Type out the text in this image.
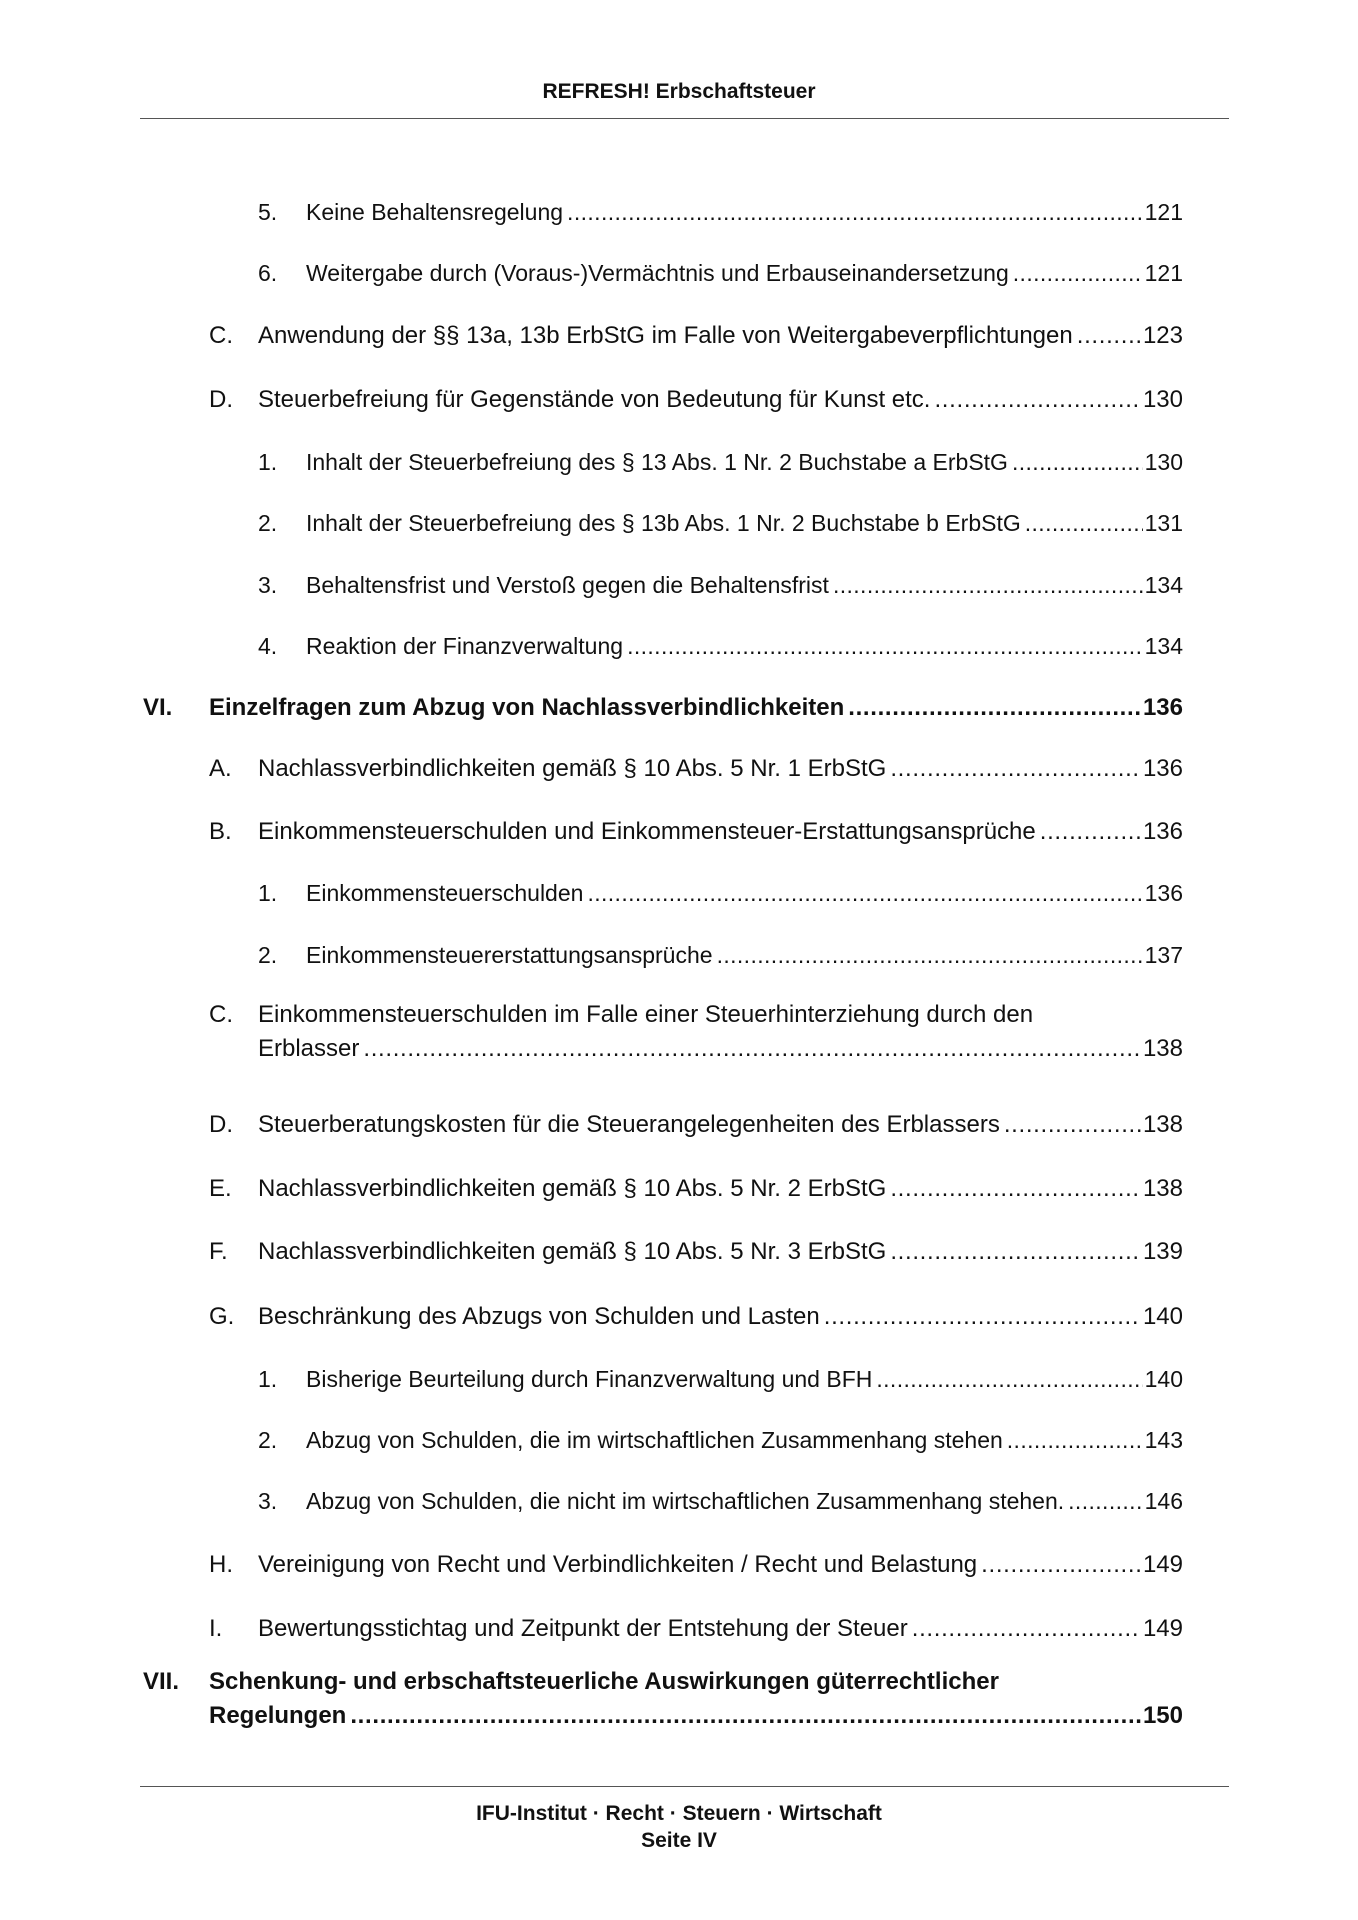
REFRESH! Erbschaftsteuer
5. Keine Behaltensregelung . . .	121
6. Weitergabe durch (Voraus-)Vermächtnis und Erbauseinandersetzung . . .	121
C. Anwendung der §§ 13a, 13b ErbStG im Falle von Weitergabeverpflichtungen . . .	123
D. Steuerbefreiung für Gegenstände von Bedeutung für Kunst etc. . . .	130
1. Inhalt der Steuerbefreiung des § 13 Abs. 1 Nr. 2 Buchstabe a ErbStG . . .	130
2. Inhalt der Steuerbefreiung des § 13b Abs. 1 Nr. 2 Buchstabe b ErbStG . . .	131
3. Behaltensfrist und Verstoß gegen die Behaltensfrist . . .	134
4. Reaktion der Finanzverwaltung . . .	134
VI. Einzelfragen zum Abzug von Nachlassverbindlichkeiten . . .	136
A. Nachlassverbindlichkeiten gemäß § 10 Abs. 5 Nr. 1 ErbStG . . .	136
B. Einkommensteuerschulden und Einkommensteuer-Erstattungsansprüche . . .	136
1. Einkommensteuerschulden . . .	136
2. Einkommensteuererstattungsansprüche . . .	137
C. Einkommensteuerschulden im Falle einer Steuerhinterziehung durch den
Erblasser . . .	138
D. Steuerberatungskosten für die Steuerangelegenheiten des Erblassers . . .	138
E. Nachlassverbindlichkeiten gemäß § 10 Abs. 5 Nr. 2 ErbStG . . .	138
F. Nachlassverbindlichkeiten gemäß § 10 Abs. 5 Nr. 3 ErbStG . . .	139
G. Beschränkung des Abzugs von Schulden und Lasten . . .	140
1. Bisherige Beurteilung durch Finanzverwaltung und BFH . . .	140
2. Abzug von Schulden, die im wirtschaftlichen Zusammenhang stehen . . .	143
3. Abzug von Schulden, die nicht im wirtschaftlichen Zusammenhang stehen. . . .	146
H. Vereinigung von Recht und Verbindlichkeiten / Recht und Belastung . . .	149
I. Bewertungsstichtag und Zeitpunkt der Entstehung der Steuer . . .	149
VII. Schenkung- und erbschaftsteuerliche Auswirkungen güterrechtlicher
Regelungen . . .	150
IFU-Institut · Recht · Steuern · Wirtschaft
Seite IV
